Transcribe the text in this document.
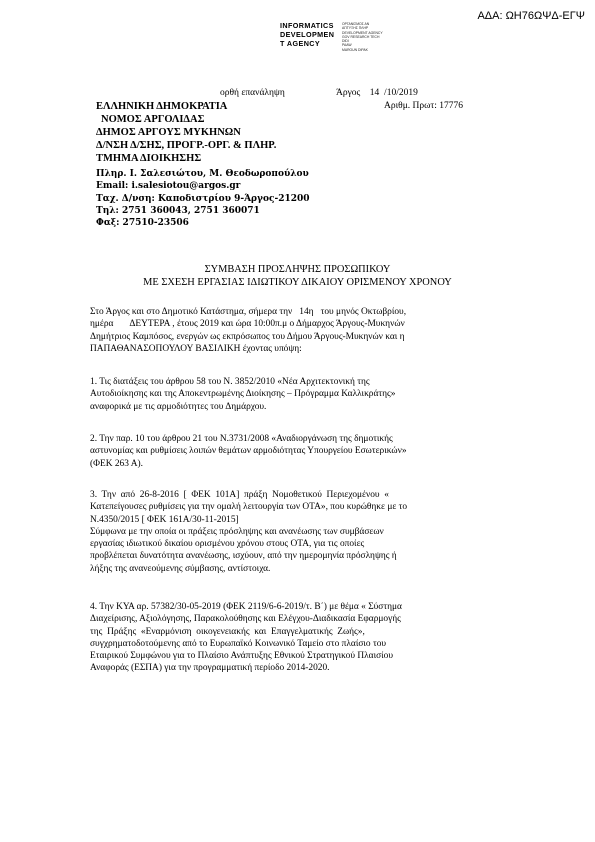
ΑΔΑ: ΩΗ76ΩΨΔ-ΕΓΨ
INFORMATICS
DEVELOPMEN
T AGENCY
ΟΡΓΑΝΙΣΜΟΣ ΑΝ
ΑΠΤΥΞΗΣ ΠΛΗΡ
DEVELOPMENT AGENCY
GOV RESEARCH TECH
DIDI
PAAW
MAROUN DIPAK
ορθή επανάληψη	Άργος    14  /10/2019
Αριθμ. Πρωτ: 17776
ΕΛΛΗΝΙΚΗ ΔΗΜΟΚΡΑΤΙΑ
ΝΟΜΟΣ ΑΡΓΟΛΙΔΑΣ
ΔΗΜΟΣ ΑΡΓΟΥΣ ΜΥΚΗΝΩΝ
Δ/ΝΣΗ Δ/ΣΗΣ, ΠΡΟΓΡ.-ΟΡΓ. & ΠΛΗΡ.
ΤΜΗΜΑ ΔΙΟΙΚΗΣΗΣ
Πληρ. Ι. Σαλεσιώτου, Μ. Θεοδωροπούλου
Email: i.salesiotou@argos.gr
Ταχ. Δ/νση: Καποδιστρίου 9-Άργος-21200
Τηλ: 2751 360043, 2751 360071
Φαξ: 27510-23506
ΣΥΜΒΑΣΗ ΠΡΟΣΛΗΨΗΣ ΠΡΟΣΩΠΙΚΟΥ
ΜΕ ΣΧΕΣΗ ΕΡΓΑΣΙΑΣ ΙΔΙΩΤΙΚΟΥ ΔΙΚΑΙΟΥ ΟΡΙΣΜΕΝΟΥ ΧΡΟΝΟΥ
Στο Άργος και στο Δημοτικό Κατάστημα, σήμερα την   14η   του μηνός Οκτωβρίου,
ημέρα       ΔΕΥΤΕΡΑ , έτους 2019 και ώρα 10:00π.μ ο Δήμαρχος Άργους-Μυκηνών
Δημήτριος Καμπόσος, ενεργών ως εκπρόσωπος του Δήμου Άργους-Μυκηνών και η
ΠΑΠΑΘΑΝΑΣΟΠΟΥΛΟΥ ΒΑΣΙΛΙΚΗ έχοντας υπόψη:
1. Τις διατάξεις του άρθρου 58 του Ν. 3852/2010 «Νέα Αρχιτεκτονική της
Αυτοδιοίκησης και της Αποκεντρωμένης Διοίκησης – Πρόγραμμα Καλλικράτης»
αναφορικά με τις αρμοδιότητες του Δημάρχου.
2. Την παρ. 10 του άρθρου 21 του Ν.3731/2008 «Αναδιοργάνωση της δημοτικής
αστυνομίας και ρυθμίσεις λοιπών θεμάτων αρμοδιότητας Υπουργείου Εσωτερικών»
(ΦΕΚ 263 Α).
3.  Την  από  26-8-2016  [  ΦΕΚ  101Α]  πράξη  Νομοθετικού  Περιεχομένου  «
Κατεπείγουσες ρυθμίσεις για την ομαλή λειτουργία των ΟΤΑ», που κυρώθηκε με το
Ν.4350/2015 [ ΦΕΚ 161Α/30-11-2015]
Σύμφωνα με την οποία οι πράξεις πρόσληψης και ανανέωσης των συμβάσεων
εργασίας ιδιωτικού δικαίου ορισμένου χρόνου στους ΟΤΑ, για τις οποίες
προβλέπεται δυνατότητα ανανέωσης, ισχύουν, από την ημερομηνία πρόσληψης ή
λήξης της ανανεούμενης σύμβασης, αντίστοιχα.
4. Την ΚΥΑ αρ. 57382/30-05-2019 (ΦΕΚ 2119/6-6-2019/τ. Β΄) με θέμα « Σύστημα
Διαχείρισης, Αξιολόγησης, Παρακολούθησης και Ελέγχου-Διαδικασία Εφαρμογής
της  Πράξης  «Εναρμόνιση  οικογενειακής  και  Επαγγελματικής  Ζωής»,
συγχρηματοδοτούμενης από το Ευρωπαϊκό Κοινωνικό Ταμείο στο πλαίσιο του
Εταιρικού Συμφώνου για το Πλαίσιο Ανάπτυξης Εθνικού Στρατηγικού Πλαισίου
Αναφοράς (ΕΣΠΑ) για την προγραμματική περίοδο 2014-2020.
